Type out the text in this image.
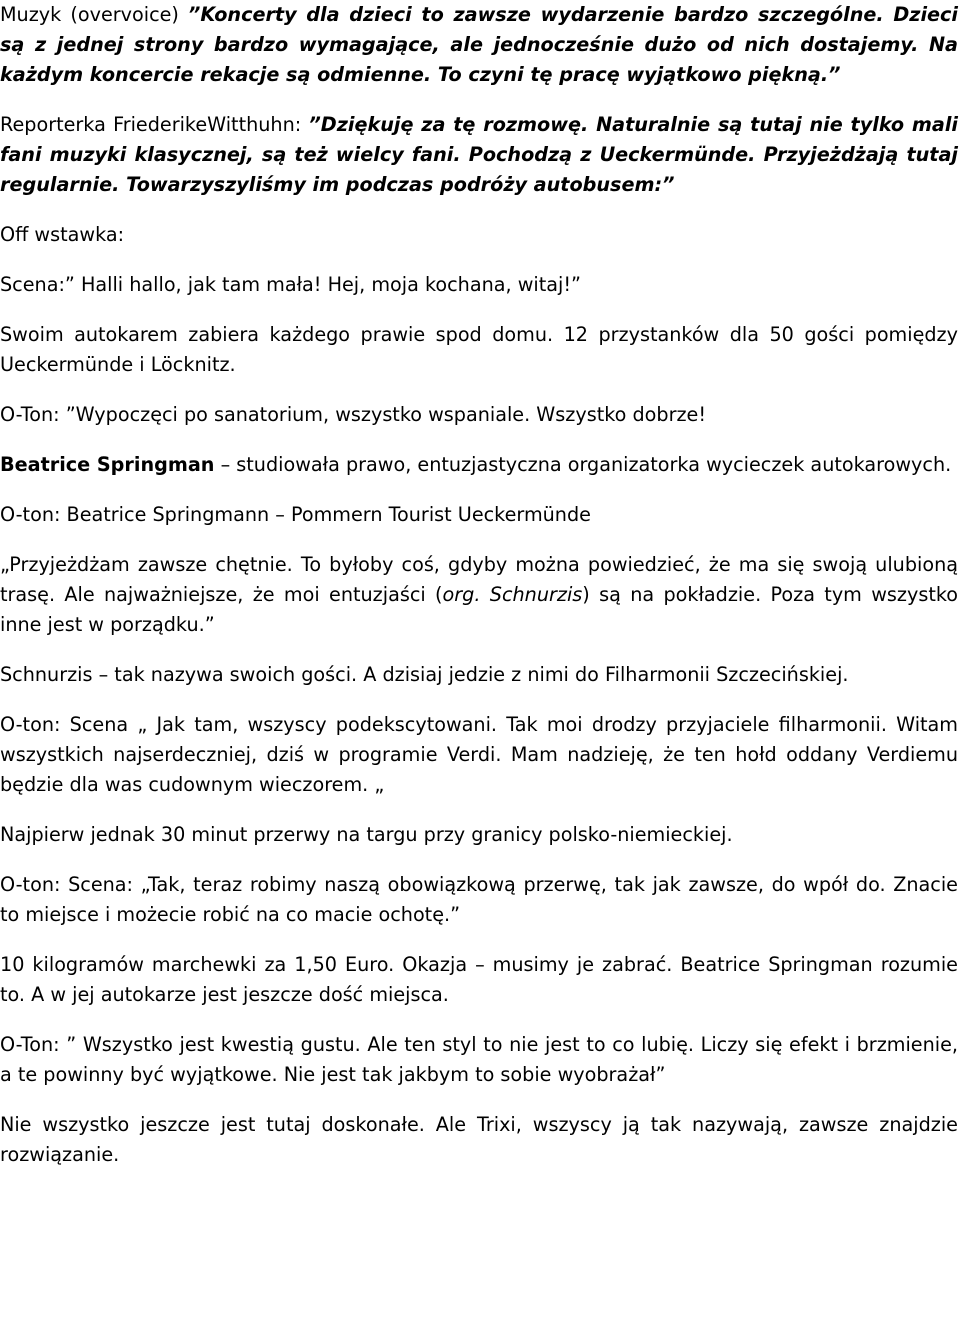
Muzyk (overvoice) ”Koncerty dla dzieci to zawsze wydarzenie bardzo szczególne. Dzieci są z jednej strony bardzo wymagające, ale jednocześnie dużo od nich dostajemy. Na każdym koncercie rekacje są odmienne. To czyni tę pracę wyjątkowo piękną.”

Reporterka FriederikeWitthuhn: ”Dziękuję za tę rozmowę. Naturalnie są tutaj nie tylko mali fani muzyki klasycznej, są też wielcy fani. Pochodzą z Ueckermünde. Przyjeżdżają tutaj regularnie. Towarzyszyliśmy im podczas podróży autobusem:”

Off wstawka:

Scena:” Halli hallo, jak tam mała! Hej, moja kochana, witaj!”

Swoim autokarem zabiera każdego prawie spod domu. 12 przystanków dla 50 gości pomiędzy Ueckermünde i Löcknitz.

O-Ton: ”Wypoczęci po sanatorium, wszystko wspaniale. Wszystko dobrze!

Beatrice Springman – studiowała prawo, entuzjastyczna organizatorka wycieczek autokarowych.

O-ton: Beatrice Springmann – Pommern Tourist Ueckermünde

„Przyjeżdżam zawsze chętnie. To byłoby coś, gdyby można powiedzieć, że ma się swoją ulubioną trasę. Ale najważniejsze, że moi entuzjaści (org. Schnurzis) są na pokładzie. Poza tym wszystko inne jest w porządku.”

Schnurzis – tak nazywa swoich gości. A dzisiaj jedzie z nimi do Filharmonii Szczecińskiej.

O-ton: Scena „ Jak tam, wszyscy podekscytowani. Tak moi drodzy przyjaciele filharmonii. Witam wszystkich najserdeczniej, dziś w programie Verdi. Mam nadzieję, że ten hołd oddany Verdiemu będzie dla was cudownym wieczorem. „

Najpierw jednak 30 minut przerwy na targu przy granicy polsko-niemieckiej.

O-ton: Scena: „Tak, teraz robimy naszą obowiązkową przerwę, tak jak zawsze, do wpół do. Znacie to miejsce i możecie robić na co macie ochotę.”

10 kilogramów marchewki za 1,50 Euro. Okazja – musimy je zabrać. Beatrice Springman rozumie to. A w jej autokarze jest jeszcze dość miejsca.

O-Ton: ” Wszystko jest kwestią gustu. Ale ten styl to nie jest to co lubię. Liczy się efekt i brzmienie, a te powinny być wyjątkowe. Nie jest tak jakbym to sobie wyobrażał”

Nie wszystko jeszcze jest tutaj doskonałe. Ale Trixi, wszyscy ją tak nazywają, zawsze znajdzie rozwiązanie.
